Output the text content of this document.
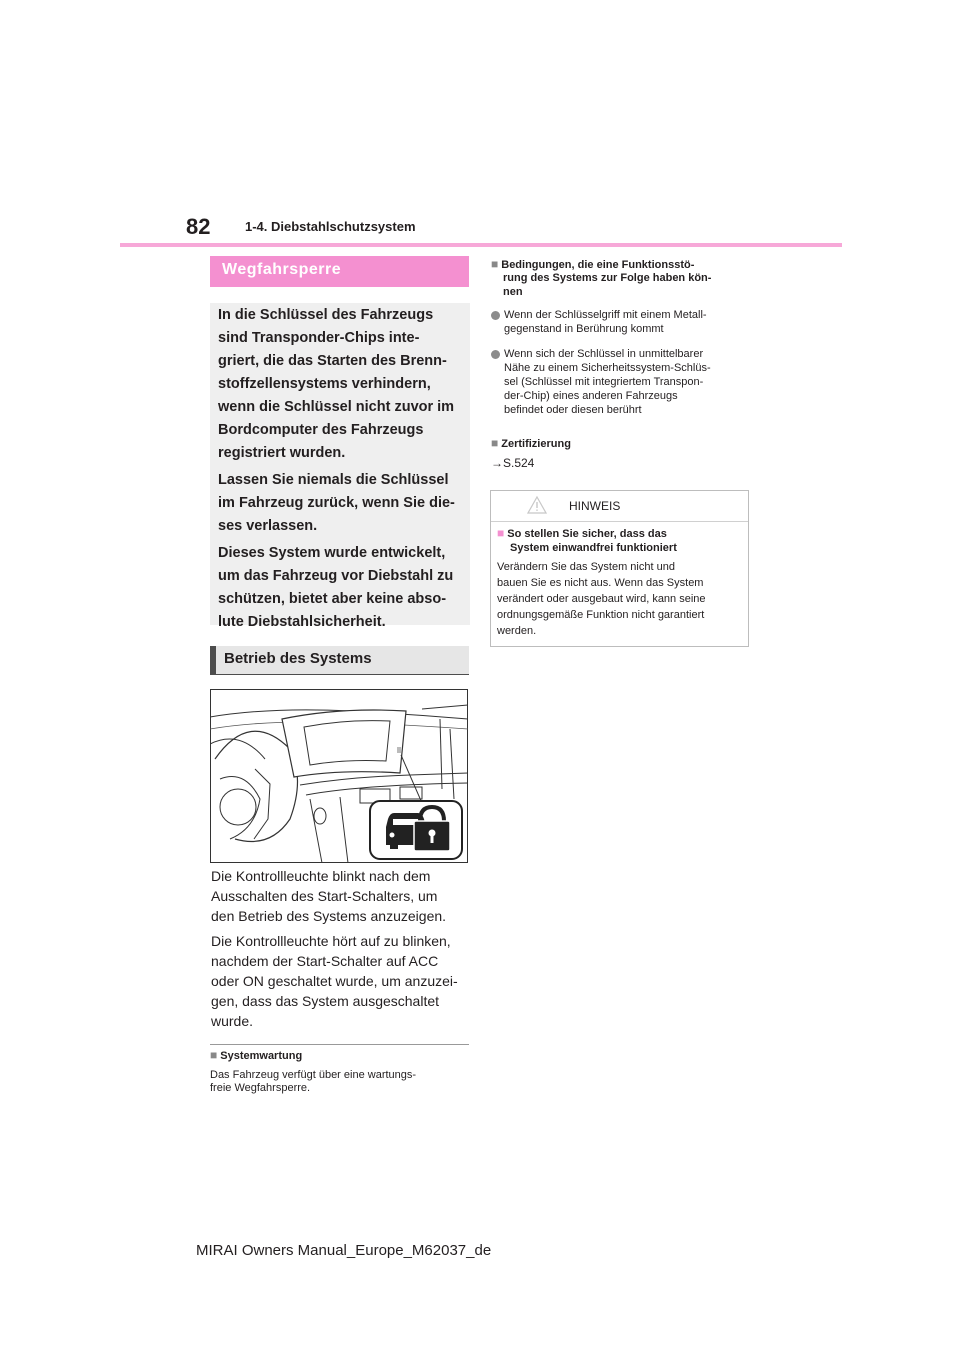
82	1-4. Diebstahlschutzsystem
Wegfahrsperre
In die Schlüssel des Fahrzeugs
sind Transponder-Chips inte-
griert, die das Starten des Brenn-
stoffzellensystems verhindern,
wenn die Schlüssel nicht zuvor im
Bordcomputer des Fahrzeugs
registriert wurden.
Lassen Sie niemals die Schlüssel
im Fahrzeug zurück, wenn Sie die-
ses verlassen.
Dieses System wurde entwickelt,
um das Fahrzeug vor Diebstahl zu
schützen, bietet aber keine abso-
lute Diebstahlsicherheit.
Betrieb des Systems
Die Kontrollleuchte blinkt nach dem
Ausschalten des Start-Schalters, um
den Betrieb des Systems anzuzeigen.
Die Kontrollleuchte hört auf zu blinken,
nachdem der Start-Schalter auf ACC
oder ON geschaltet wurde, um anzuzei-
gen, dass das System ausgeschaltet
wurde.
■ Systemwartung
Das Fahrzeug verfügt über eine wartungs-
freie Wegfahrsperre.
■ Bedingungen, die eine Funktionsstö-
rung des Systems zur Folge haben kön-
nen
Wenn der Schlüsselgriff mit einem Metall-
gegenstand in Berührung kommt
Wenn sich der Schlüssel in unmittelbarer
Nähe zu einem Sicherheitssystem-Schlüs-
sel (Schlüssel mit integriertem Transpon-
der-Chip) eines anderen Fahrzeugs
befindet oder diesen berührt
■ Zertifizierung
→S.524
HINWEIS
■ So stellen Sie sicher, dass das
System einwandfrei funktioniert
Verändern Sie das System nicht und
bauen Sie es nicht aus. Wenn das System
verändert oder ausgebaut wird, kann seine
ordnungsgemäße Funktion nicht garantiert
werden.
MIRAI Owners Manual_Europe_M62037_de
